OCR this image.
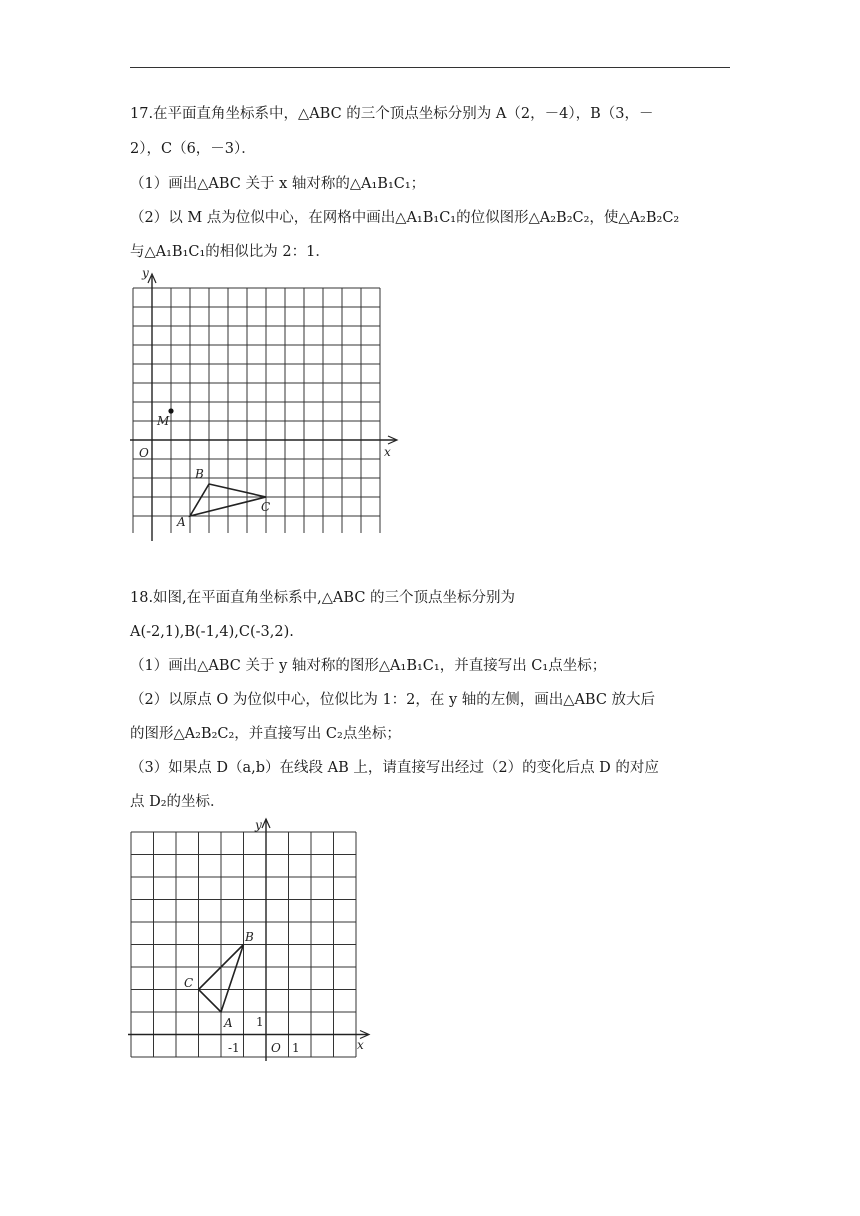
17.在平面直角坐标系中，△ABC 的三个顶点坐标分别为 A（2，－4），B（3，－
2），C（6，－3）．
（1）画出△ABC 关于 x 轴对称的△A₁B₁C₁；
（2）以 M 点为位似中心，在网格中画出△A₁B₁C₁的位似图形△A₂B₂C₂，使△A₂B₂C₂
与△A₁B₁C₁的相似比为 2：1．
y
x
O
M
A
B
C
18.如图,在平面直角坐标系中,△ABC 的三个顶点坐标分别为
A(-2,1),B(-1,4),C(-3,2).
（1）画出△ABC 关于 y 轴对称的图形△A₁B₁C₁，并直接写出 C₁点坐标；
（2）以原点 O 为位似中心，位似比为 1：2，在 y 轴的左侧，画出△ABC 放大后
的图形△A₂B₂C₂，并直接写出 C₂点坐标；
（3）如果点 D（a,b）在线段 AB 上，请直接写出经过（2）的变化后点 D 的对应
点 D₂的坐标．
y
x
O
-1	1
1
A
B
C
